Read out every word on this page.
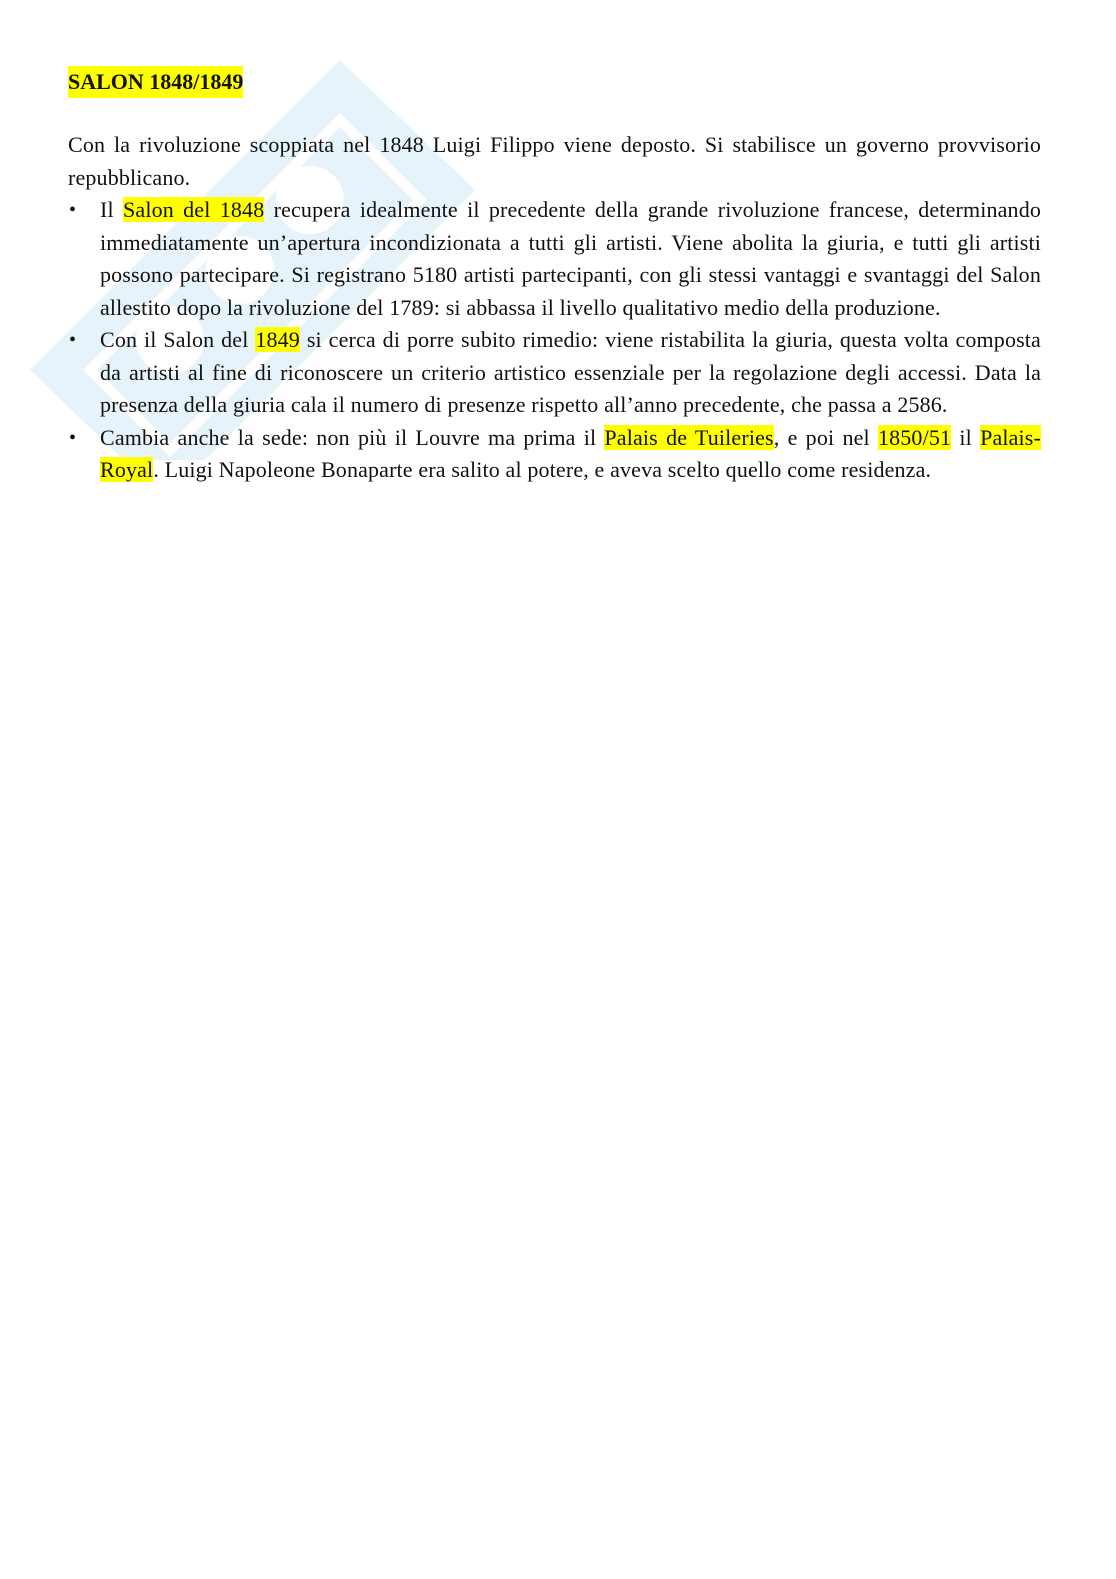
SALON 1848/1849

Con la rivoluzione scoppiata nel 1848 Luigi Filippo viene deposto. Si stabilisce un governo provvisorio repubblicano.

• Il Salon del 1848 recupera idealmente il precedente della grande rivoluzione francese, determinando immediatamente un’apertura incondizionata a tutti gli artisti. Viene abolita la giuria, e tutti gli artisti possono partecipare. Si registrano 5180 artisti partecipanti, con gli stessi vantaggi e svantaggi del Salon allestito dopo la rivoluzione del 1789: si abbassa il livello qualitativo medio della produzione.
• Con il Salon del 1849 si cerca di porre subito rimedio: viene ristabilita la giuria, questa volta composta da artisti al fine di riconoscere un criterio artistico essenziale per la regolazione degli accessi. Data la presenza della giuria cala il numero di presenze rispetto all’anno precedente, che passa a 2586.
• Cambia anche la sede: non più il Louvre ma prima il Palais de Tuileries, e poi nel 1850/51 il Palais-Royal. Luigi Napoleone Bonaparte era salito al potere, e aveva scelto quello come residenza.
